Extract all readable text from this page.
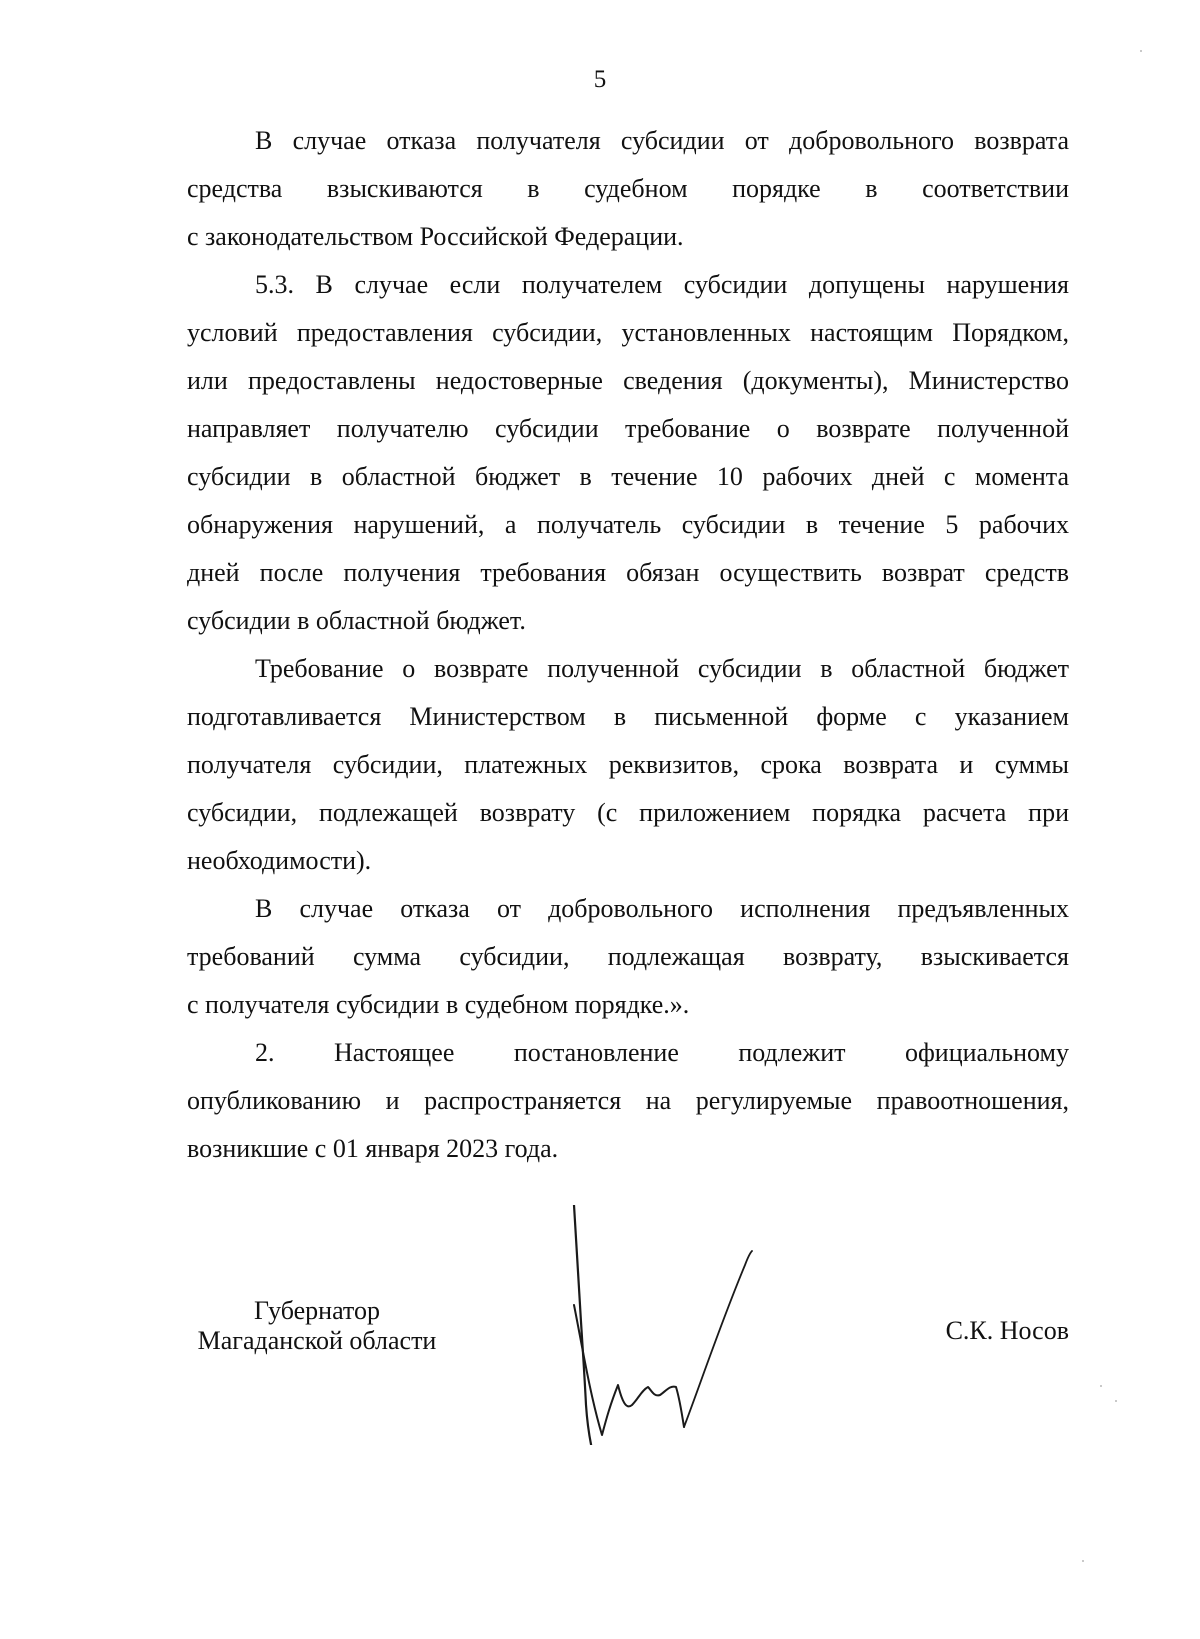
5
В случае отказа получателя субсидии от добровольного возврата
средства взыскиваются в судебном порядке в соответствии
с законодательством Российской Федерации.
5.3. В случае если получателем субсидии допущены нарушения
условий предоставления субсидии, установленных настоящим Порядком,
или предоставлены недостоверные сведения (документы), Министерство
направляет получателю субсидии требование о возврате полученной
субсидии в областной бюджет в течение 10 рабочих дней с момента
обнаружения нарушений, а получатель субсидии в течение 5 рабочих
дней после получения требования обязан осуществить возврат средств
субсидии в областной бюджет.
Требование о возврате полученной субсидии в областной бюджет
подготавливается Министерством в письменной форме с указанием
получателя субсидии, платежных реквизитов, срока возврата и суммы
субсидии, подлежащей возврату (с приложением порядка расчета при
необходимости).
В случае отказа от добровольного исполнения предъявленных
требований сумма субсидии, подлежащая возврату, взыскивается
с получателя субсидии в судебном порядке.».
2. Настоящее постановление подлежит официальному
опубликованию и распространяется на регулируемые правоотношения,
возникшие с 01 января 2023 года.
Губернатор
Магаданской области	С.К. Носов
